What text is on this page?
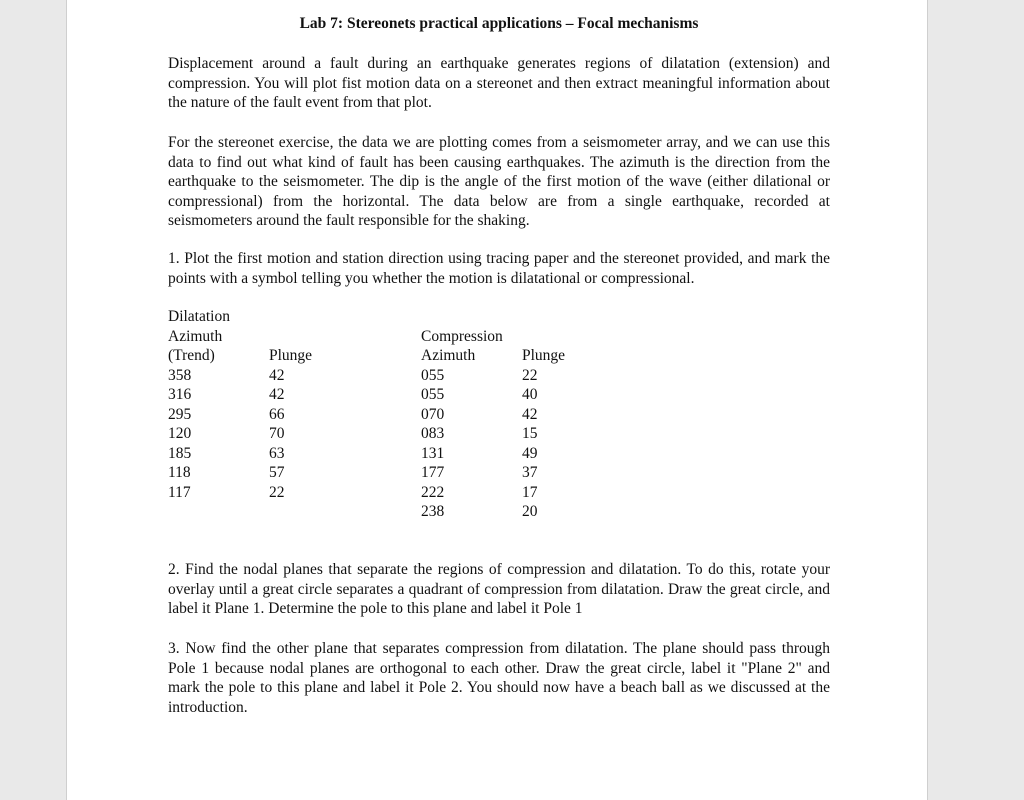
Lab 7: Stereonets practical applications – Focal mechanisms

Displacement around a fault during an earthquake generates regions of dilatation (extension) and compression. You will plot fist motion data on a stereonet and then extract meaningful information about the nature of the fault event from that plot.

For the stereonet exercise, the data we are plotting comes from a seismometer array, and we can use this data to find out what kind of fault has been causing earthquakes. The azimuth is the direction from the earthquake to the seismometer. The dip is the angle of the first motion of the wave (either dilational or compressional) from the horizontal. The data below are from a single earthquake, recorded at seismometers around the fault responsible for the shaking.

1. Plot the first motion and station direction using tracing paper and the stereonet provided, and mark the points with a symbol telling you whether the motion is dilatational or compressional.

Dilatation
Azimuth
(Trend)
358
316
295
120
185
118
117

Plunge
42
42
66
70
63
57
22

Compression
Azimuth
055
055
070
083
131
177
222
238

Plunge
22
40
42
15
49
37
17
20

2. Find the nodal planes that separate the regions of compression and dilatation. To do this, rotate your overlay until a great circle separates a quadrant of compression from dilatation. Draw the great circle, and label it Plane 1. Determine the pole to this plane and label it Pole 1

3. Now find the other plane that separates compression from dilatation. The plane should pass through Pole 1 because nodal planes are orthogonal to each other. Draw the great circle, label it "Plane 2" and mark the pole to this plane and label it Pole 2. You should now have a beach ball as we discussed at the introduction.
